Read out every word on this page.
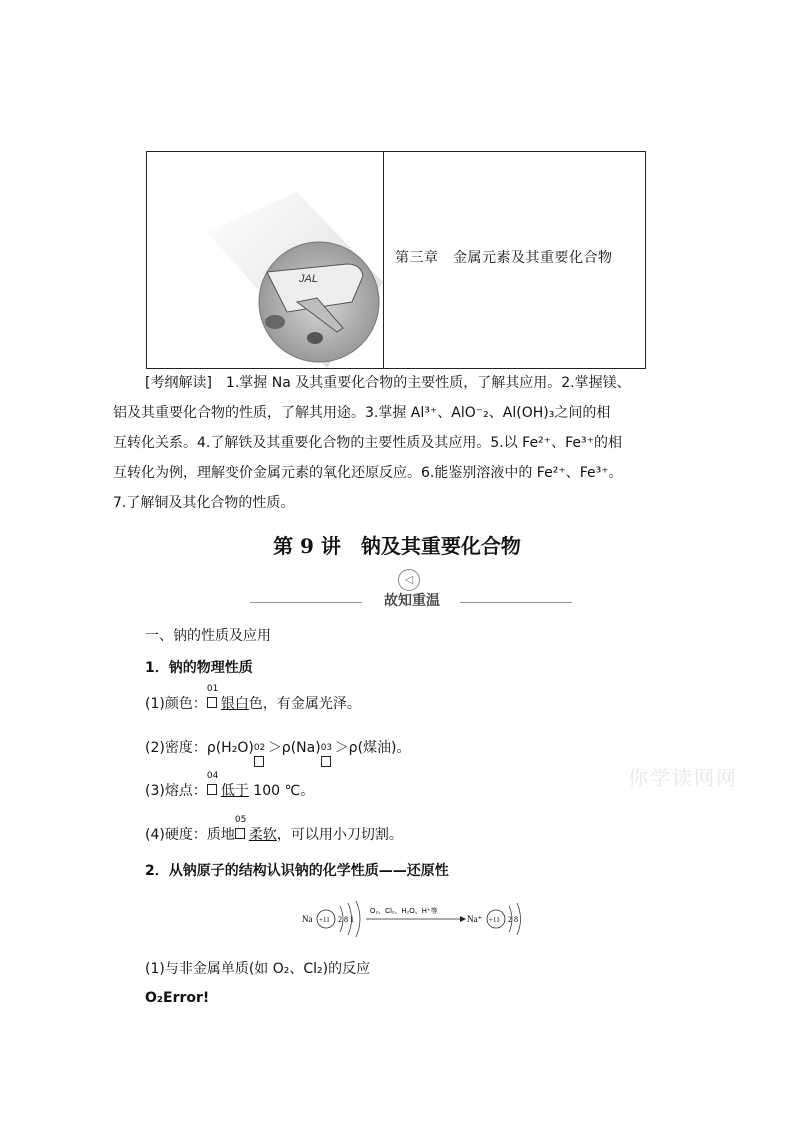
JAL
第三章　金属元素及其重要化合物

[考纲解读]　1.掌握 Na 及其重要化合物的主要性质，了解其应用。2.掌握镁、

铝及其重要化合物的性质，了解其用途。3.掌握 Al³⁺、AlO⁻₂、Al(OH)₃之间的相

互转化关系。4.了解铁及其重要化合物的主要性质及其应用。5.以 Fe²⁺、Fe³⁺的相

互转化为例，理解变价金属元素的氧化还原反应。6.能鉴别溶液中的 Fe²⁺、Fe³⁺。

7.了解铜及其化合物的性质。

第 9 讲　钠及其重要化合物
◁
故知重温
一、钠的性质及应用
1．钠的物理性质
(1)颜色：
01
银白色，有金属光泽。
(2)密度：ρ(H₂O) 02 ＞ρ(Na) 03 ＞ρ(煤油)。
(3)熔点：
04
低于 100 ℃。
(4)硬度：质地
05
柔软，可以用小刀切割。
2．从钠原子的结构认识钠的化学性质——还原性
Na +11 2 8 1
O₂、Cl₂、H₂O、H⁺等
Na⁺ +11 2 8
(1)与非金属单质(如 O₂、Cl₂)的反应
O₂Error!
你学读网网
